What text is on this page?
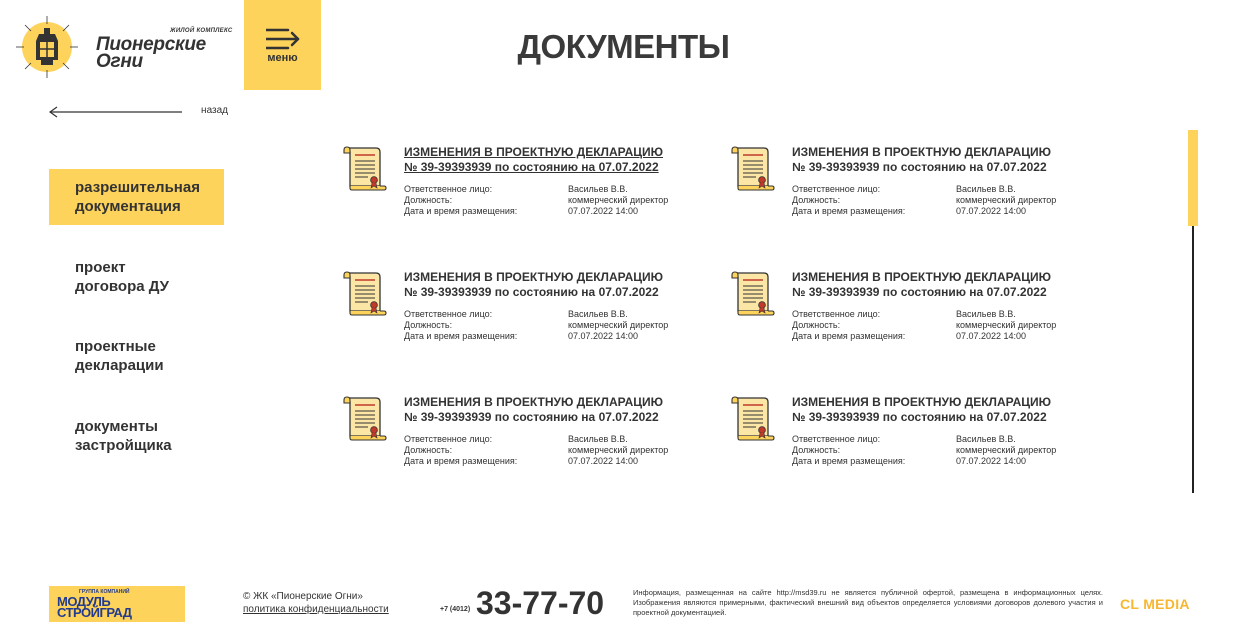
ЖИЛОЙ КОМПЛЕКС
Пионерские
Огни	меню	ДОКУМЕНТЫ
назад
разрешительная
документация
проект
договора ДУ
проектные
декларации
документы
застройщика
ИЗМЕНЕНИЯ В ПРОЕКТНУЮ ДЕКЛАРАЦИЮ
№ 39-39393939 по состоянию на 07.07.2022
Ответственное лицо:	Васильев В.В.
Должность:	коммерческий директор
Дата и время размещения:	07.07.2022 14:00
ИЗМЕНЕНИЯ В ПРОЕКТНУЮ ДЕКЛАРАЦИЮ
№ 39-39393939 по состоянию на 07.07.2022
Ответственное лицо:	Васильев В.В.
Должность:	коммерческий директор
Дата и время размещения:	07.07.2022 14:00
ИЗМЕНЕНИЯ В ПРОЕКТНУЮ ДЕКЛАРАЦИЮ
№ 39-39393939 по состоянию на 07.07.2022
Ответственное лицо:	Васильев В.В.
Должность:	коммерческий директор
Дата и время размещения:	07.07.2022 14:00
ИЗМЕНЕНИЯ В ПРОЕКТНУЮ ДЕКЛАРАЦИЮ
№ 39-39393939 по состоянию на 07.07.2022
Ответственное лицо:	Васильев В.В.
Должность:	коммерческий директор
Дата и время размещения:	07.07.2022 14:00
ИЗМЕНЕНИЯ В ПРОЕКТНУЮ ДЕКЛАРАЦИЮ
№ 39-39393939 по состоянию на 07.07.2022
Ответственное лицо:	Васильев В.В.
Должность:	коммерческий директор
Дата и время размещения:	07.07.2022 14:00
ИЗМЕНЕНИЯ В ПРОЕКТНУЮ ДЕКЛАРАЦИЮ
№ 39-39393939 по состоянию на 07.07.2022
Ответственное лицо:	Васильев В.В.
Должность:	коммерческий директор
Дата и время размещения:	07.07.2022 14:00
ГРУППА КОМПАНИЙ
МОДУЛЬ
СТРОЙГРАД
© ЖК «Пионерские Огни»
политика конфиденциальности	+7 (4012) 33-77-70	Информация, размещенная на сайте http://msd39.ru не является публичной офертой, размещена в информационных целях. Изображения являются примерными, фактический внешний вид объектов определяется условиями договоров долевого участия и проектной документацией.
CL MEDIA
